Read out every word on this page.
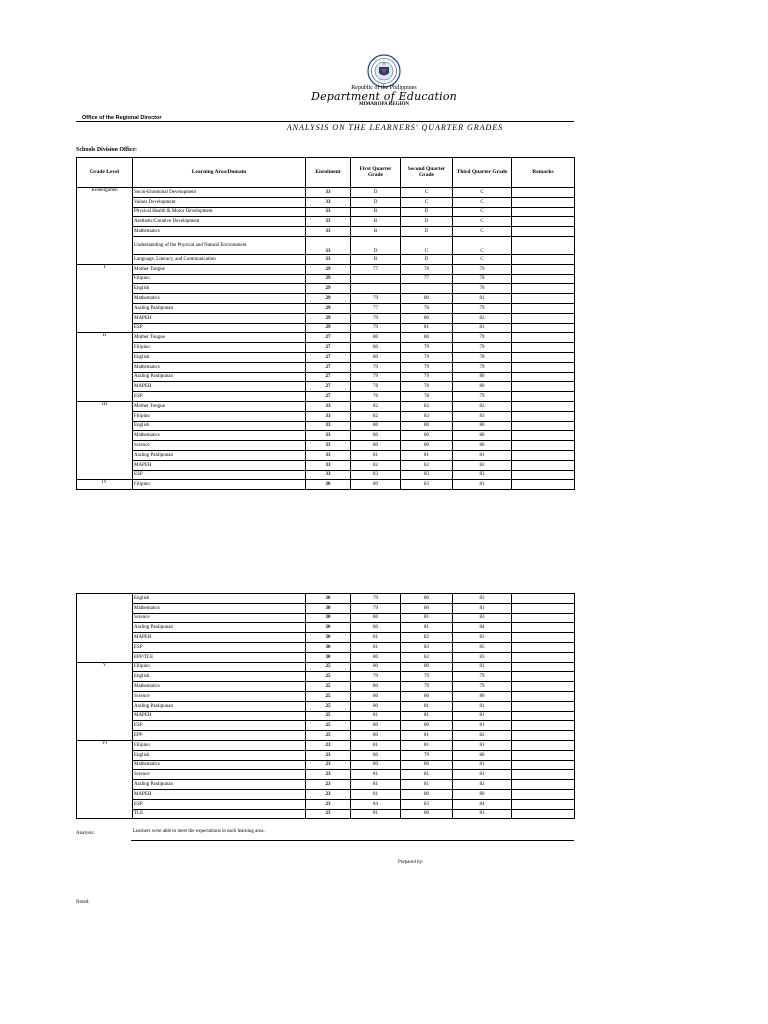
Republic of the Philippines
Department of Education
MIMAROPA REGION
Office of the Regional Director
ANALYSIS ON THE LEARNERS' QUARTER GRADES
Schools Division Office:
Grade Level	Learning Area/Domain	Enrolment	First Quarter Grade	Second Quarter Grade	Third Quarter Grade	Remarks
Kindergarten	Socio-Emotional Development	33	D	C	C	
	Values Development	33	D	C	C	
	Physical Health & Motor Development	33	B	D	C	
	Aesthetic/Creative Development	33	B	D	C	
	Mathematics	33	B	D	C	
	Understanding of the Physical and Natural Environment	33	D	C	C	
	Language, Literacy, and Communication	33	B	D	C	
I	Mother Tongue	29	77	76	79	
	Filipino	29		77	78	
	English	29			78	
	Mathematics	29	79	80	81	
	Araling Panlipunan	29	77	76	79	
	MAPEH	29	79	80	82	
	ESP	29	79	81	81	
II	Mother Tongue	27	80	80	79	
	Filipino	27	80	79	79	
	English	27	80	79	78	
	Mathematics	27	79	79	79	
	Araling Panlipunan	27	79	79	80	
	MAPEH	27	78	78	80	
	ESP	27	76	78	79	
III	Mother Tongue	33	82	82	82	
	Filipino	33	82	83	83	
	English	33	80	80	80	
	Mathematics	33	80	80	80	
	Science	33	80	80	80	
	Araling Panlipunan	33	81	81	81	
	MAPEH	33	82	82	82	
	ESP	33	83	83	83	
IV	Filipino	30	80	83	81	
	English	30	79	80	83	
	Mathematics	30	79	80	81	
	Science	30	80	81	83	
	Araling Panlipunan	30	80	81	84	
	MAPEH	30	81	82	82	
	ESP	30	81	83	85	
	EPP/TLE	30	80	82	83	
V	Filipino	25	80	80	81	
	English	25	79	79	79	
	Mathematics	25	80	79	79	
	Science	25	80	80	80	
	Araling Panlipunan	25	80	81	81	
	MAPEH	25	81	81	81	
	ESP	25	80	80	81	
	EPP	25	80	81	82	
VI	Filipino	23	81	81	81	
	English	23	80	79	80	
	Mathematics	23	80	80	81	
	Science	23	81	81	81	
	Araling Panlipunan	23	81	81	82	
	MAPEH	23	81	80	80	
	ESP	23	84	83	84	
	TLE	23	81	80	81	
Analysis:	Learners were able to meet the expectations in each learning area.
Prepared by:
Noted:
